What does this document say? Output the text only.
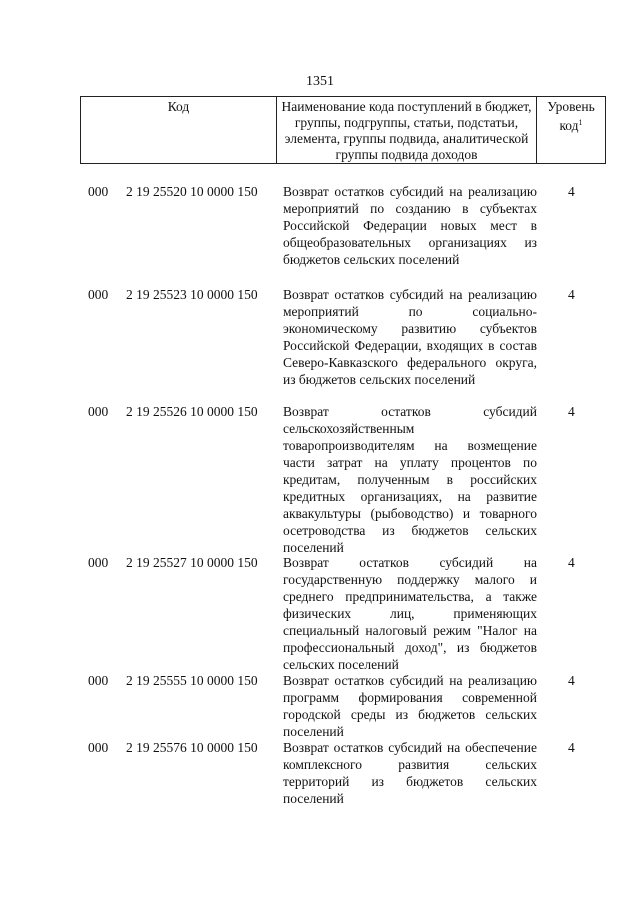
1351
Код	Наименование кода поступлений в бюджет, группы, подгруппы, статьи, подстатьи, элемента, группы подвида, аналитической группы подвида доходов
Уровень код$^1$
000 2 19 25520 10 0000 150 Возврат остатков субсидий на реализацию мероприятий по созданию в субъектах Российской Федерации новых мест в общеобразовательных организациях из бюджетов сельских поселений
4
000 2 19 25523 10 0000 150 Возврат остатков субсидий на реализацию мероприятий по социально-экономическому развитию субъектов Российской Федерации, входящих в состав Северо-Кавказского федерального округа, из бюджетов сельских поселений
4
000 2 19 25526 10 0000 150 Возврат остатков субсидий сельскохозяйственным товаропроизводителям на возмещение части затрат на уплату процентов по кредитам, полученным в российских кредитных организациях, на развитие аквакультуры (рыбоводство) и товарного осетроводства из бюджетов сельских поселений
4
000 2 19 25527 10 0000 150 Возврат остатков субсидий на государственную поддержку малого и среднего предпринимательства, а также физических лиц, применяющих специальный налоговый режим "Налог на профессиональный доход", из бюджетов сельских поселений
4
000 2 19 25555 10 0000 150 Возврат остатков субсидий на реализацию программ формирования современной городской среды из бюджетов сельских поселений
4
000 2 19 25576 10 0000 150 Возврат остатков субсидий на обеспечение комплексного развития сельских территорий из бюджетов сельских поселений
4
